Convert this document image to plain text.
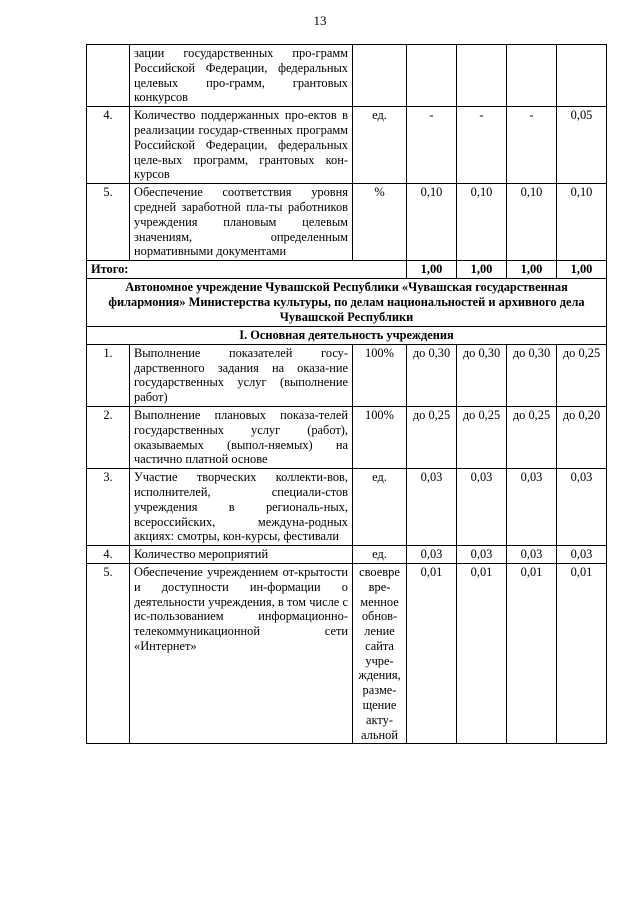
13
	зации государственных про-грамм Российской Федерации, федеральных целевых про-грамм, грантовых конкурсов					
4.	Количество поддержанных про-ектов в реализации государ-ственных программ Российской Федерации, федеральных целе-вых программ, грантовых кон-курсов	ед.	-	-	-	0,05
5.	Обеспечение соответствия уровня средней заработной пла-ты работников учреждения плановым целевым значениям, определенным нормативными документами	%	0,10	0,10	0,10	0,10
Итого:			1,00	1,00	1,00	1,00
Автономное учреждение Чувашской Республики «Чувашская государственная филармония» Министерства культуры, по делам национальностей и архивного дела Чувашской Республики						
I. Основная деятельность учреждения						
1.	Выполнение показателей госу-дарственного задания на оказа-ние государственных услуг (выполнение работ)	100%	до 0,30	до 0,30	до 0,30	до 0,25
2.	Выполнение плановых показа-телей государственных услуг (работ), оказываемых (выпол-няемых) на частично платной основе	100%	до 0,25	до 0,25	до 0,25	до 0,20
3.	Участие творческих коллекти-вов, исполнителей, специали-стов учреждения в региональ-ных, всероссийских, междуна-родных акциях: смотры, кон-курсы, фестивали	ед.	0,03	0,03	0,03	0,03
4.	Количество мероприятий	ед.	0,03	0,03	0,03	0,03
5.	Обеспечение учреждением от-крытости и доступности ин-формации о деятельности учреждения, в том числе с ис-пользованием информационно-телекоммуникационной сети «Интернет»	своевре вре-менное обнов-ление сайта учре-ждения, разме-щение акту-альной	0,01	0,01	0,01	0,01
